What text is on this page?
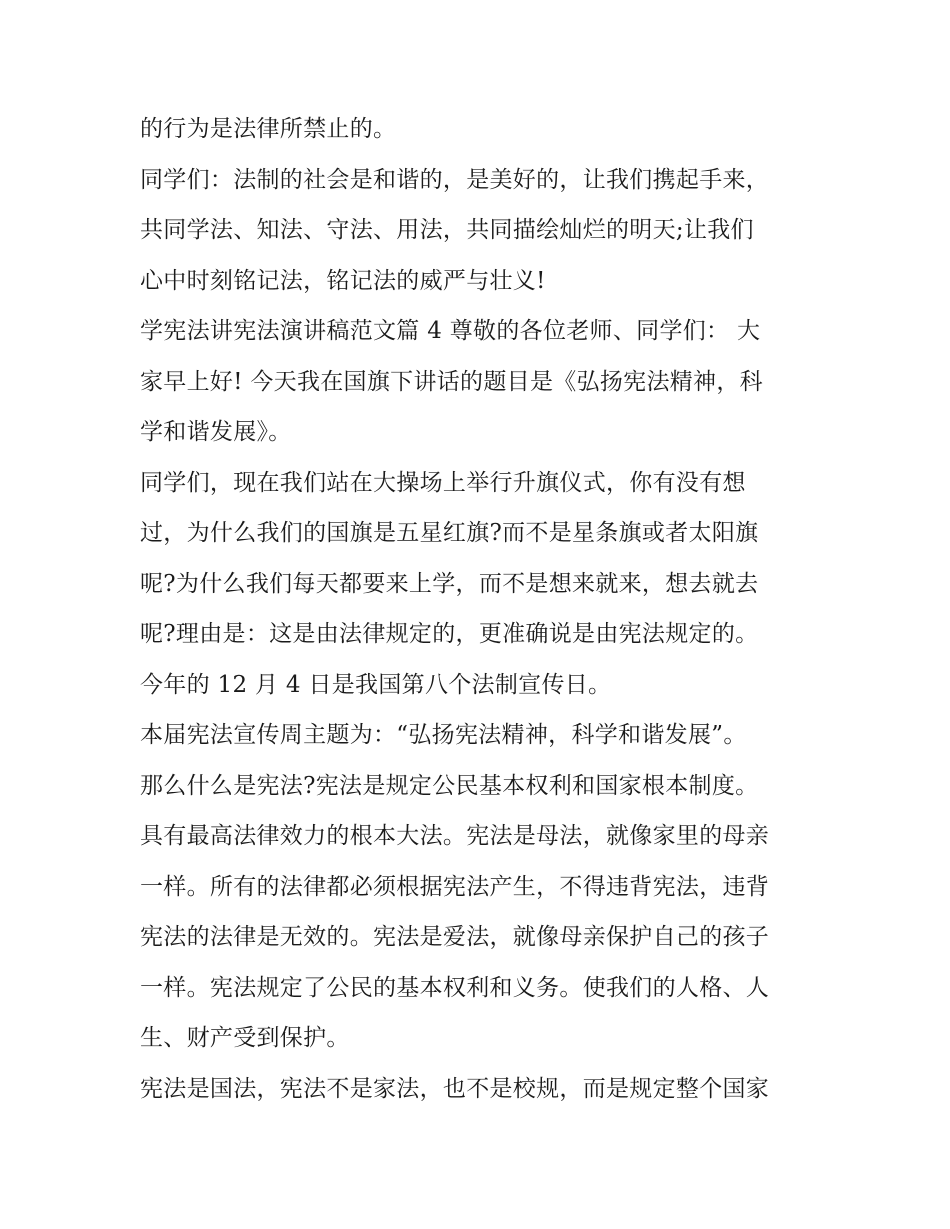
的行为是法律所禁止的。
同学们：法制的社会是和谐的，是美好的，让我们携起手来，
共同学法、知法、守法、用法，共同描绘灿烂的明天;让我们
心中时刻铭记法，铭记法的威严与壮义!
学宪法讲宪法演讲稿范文篇 4 尊敬的各位老师、同学们： 大
家早上好! 今天我在国旗下讲话的题目是《弘扬宪法精神，科
学和谐发展》。
同学们，现在我们站在大操场上举行升旗仪式，你有没有想
过，为什么我们的国旗是五星红旗?而不是星条旗或者太阳旗
呢?为什么我们每天都要来上学，而不是想来就来，想去就去
呢?理由是：这是由法律规定的，更准确说是由宪法规定的。
今年的 12 月 4 日是我国第八个法制宣传日。
本届宪法宣传周主题为：“弘扬宪法精神，科学和谐发展”。
那么什么是宪法?宪法是规定公民基本权利和国家根本制度。
具有最高法律效力的根本大法。宪法是母法，就像家里的母亲
一样。所有的法律都必须根据宪法产生，不得违背宪法，违背
宪法的法律是无效的。宪法是爱法，就像母亲保护自己的孩子
一样。宪法规定了公民的基本权利和义务。使我们的人格、人
生、财产受到保护。
宪法是国法，宪法不是家法，也不是校规，而是规定整个国家
